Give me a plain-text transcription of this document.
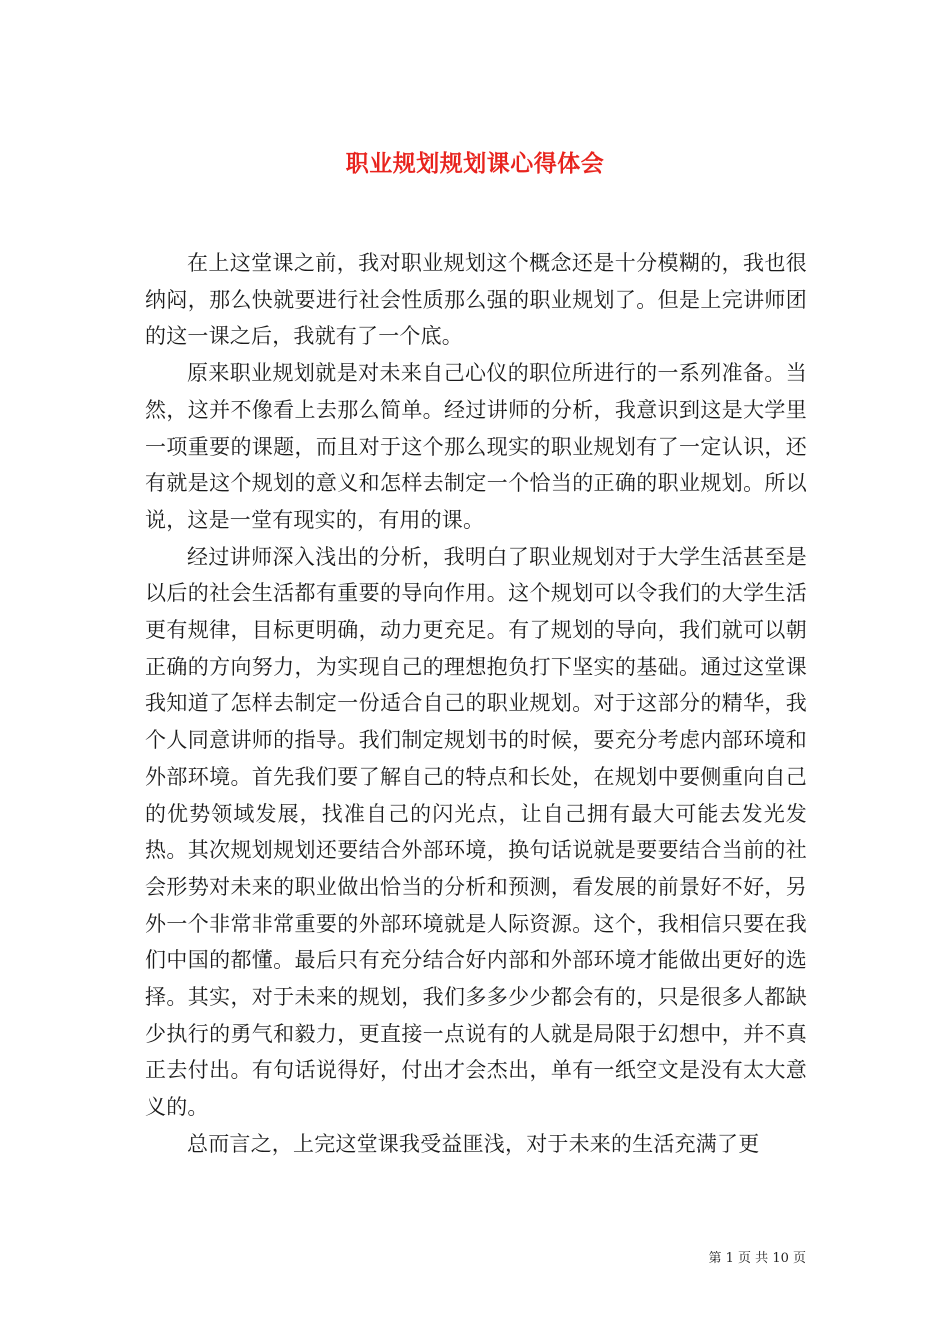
职业规划规划课心得体会

在上这堂课之前，我对职业规划这个概念还是十分模糊的，我也很纳闷，那么快就要进行社会性质那么强的职业规划了。但是上完讲师团的这一课之后，我就有了一个底。

原来职业规划就是对未来自己心仪的职位所进行的一系列准备。当然，这并不像看上去那么简单。经过讲师的分析，我意识到这是大学里一项重要的课题，而且对于这个那么现实的职业规划有了一定认识，还有就是这个规划的意义和怎样去制定一个恰当的正确的职业规划。所以说，这是一堂有现实的，有用的课。

经过讲师深入浅出的分析，我明白了职业规划对于大学生活甚至是以后的社会生活都有重要的导向作用。这个规划可以令我们的大学生活更有规律，目标更明确，动力更充足。有了规划的导向，我们就可以朝正确的方向努力，为实现自己的理想抱负打下坚实的基础。通过这堂课我知道了怎样去制定一份适合自己的职业规划。对于这部分的精华，我个人同意讲师的指导。我们制定规划书的时候，要充分考虑内部环境和外部环境。首先我们要了解自己的特点和长处，在规划中要侧重向自己的优势领域发展，找准自己的闪光点，让自己拥有最大可能去发光发热。其次规划规划还要结合外部环境，换句话说就是要要结合当前的社会形势对未来的职业做出恰当的分析和预测，看发展的前景好不好，另外一个非常非常重要的外部环境就是人际资源。这个，我相信只要在我们中国的都懂。最后只有充分结合好内部和外部环境才能做出更好的选择。其实，对于未来的规划，我们多多少少都会有的，只是很多人都缺少执行的勇气和毅力，更直接一点说有的人就是局限于幻想中，并不真正去付出。有句话说得好，付出才会杰出，单有一纸空文是没有太大意义的。

总而言之，上完这堂课我受益匪浅，对于未来的生活充满了更

第 1 页 共 10 页
